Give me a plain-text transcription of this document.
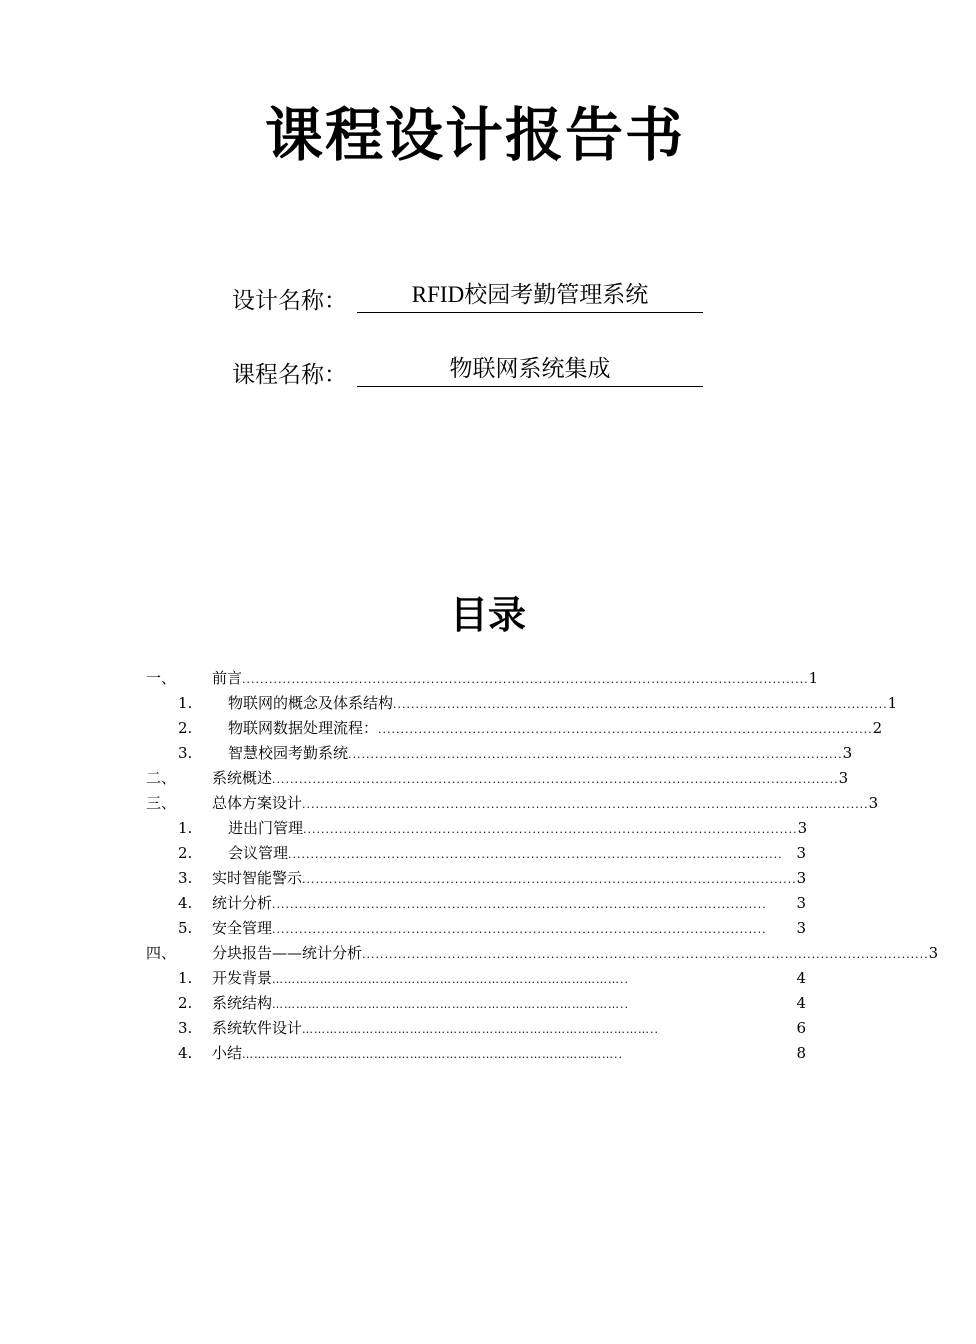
课程设计报告书
设计名称：	RFID校园考勤管理系统
课程名称：	物联网系统集成
目录
一、	前言 .............................................................................................................................. 1
1.	物联网的概念及体系结构 .............................................................................................................. 1
2.	物联网数据处理流程： .............................................................................................................. 2
3.	智慧校园考勤系统 .............................................................................................................. 3
二、	系统概述 .............................................................................................................................. 3
三、	总体方案设计 .............................................................................................................................. 3
1.	进出门管理 .............................................................................................................. 3
2.	会议管理 .............................................................................................................. 3
3.	实时智能警示 .............................................................................................................. 3
4.	统计分析 ..............................................................................................................	3
5.	安全管理 ..............................................................................................................	3
四、	分块报告——统计分析 .............................................................................................................................. 3
1.	开发背景 ……………………………………………………………………………..	4
2.	系统结构 ……………………………………………………………………………..	4
3.	系统软件设计 ……………………………………………………………………………..	6
4.	小结 …………………………………………………………………………………..	8
